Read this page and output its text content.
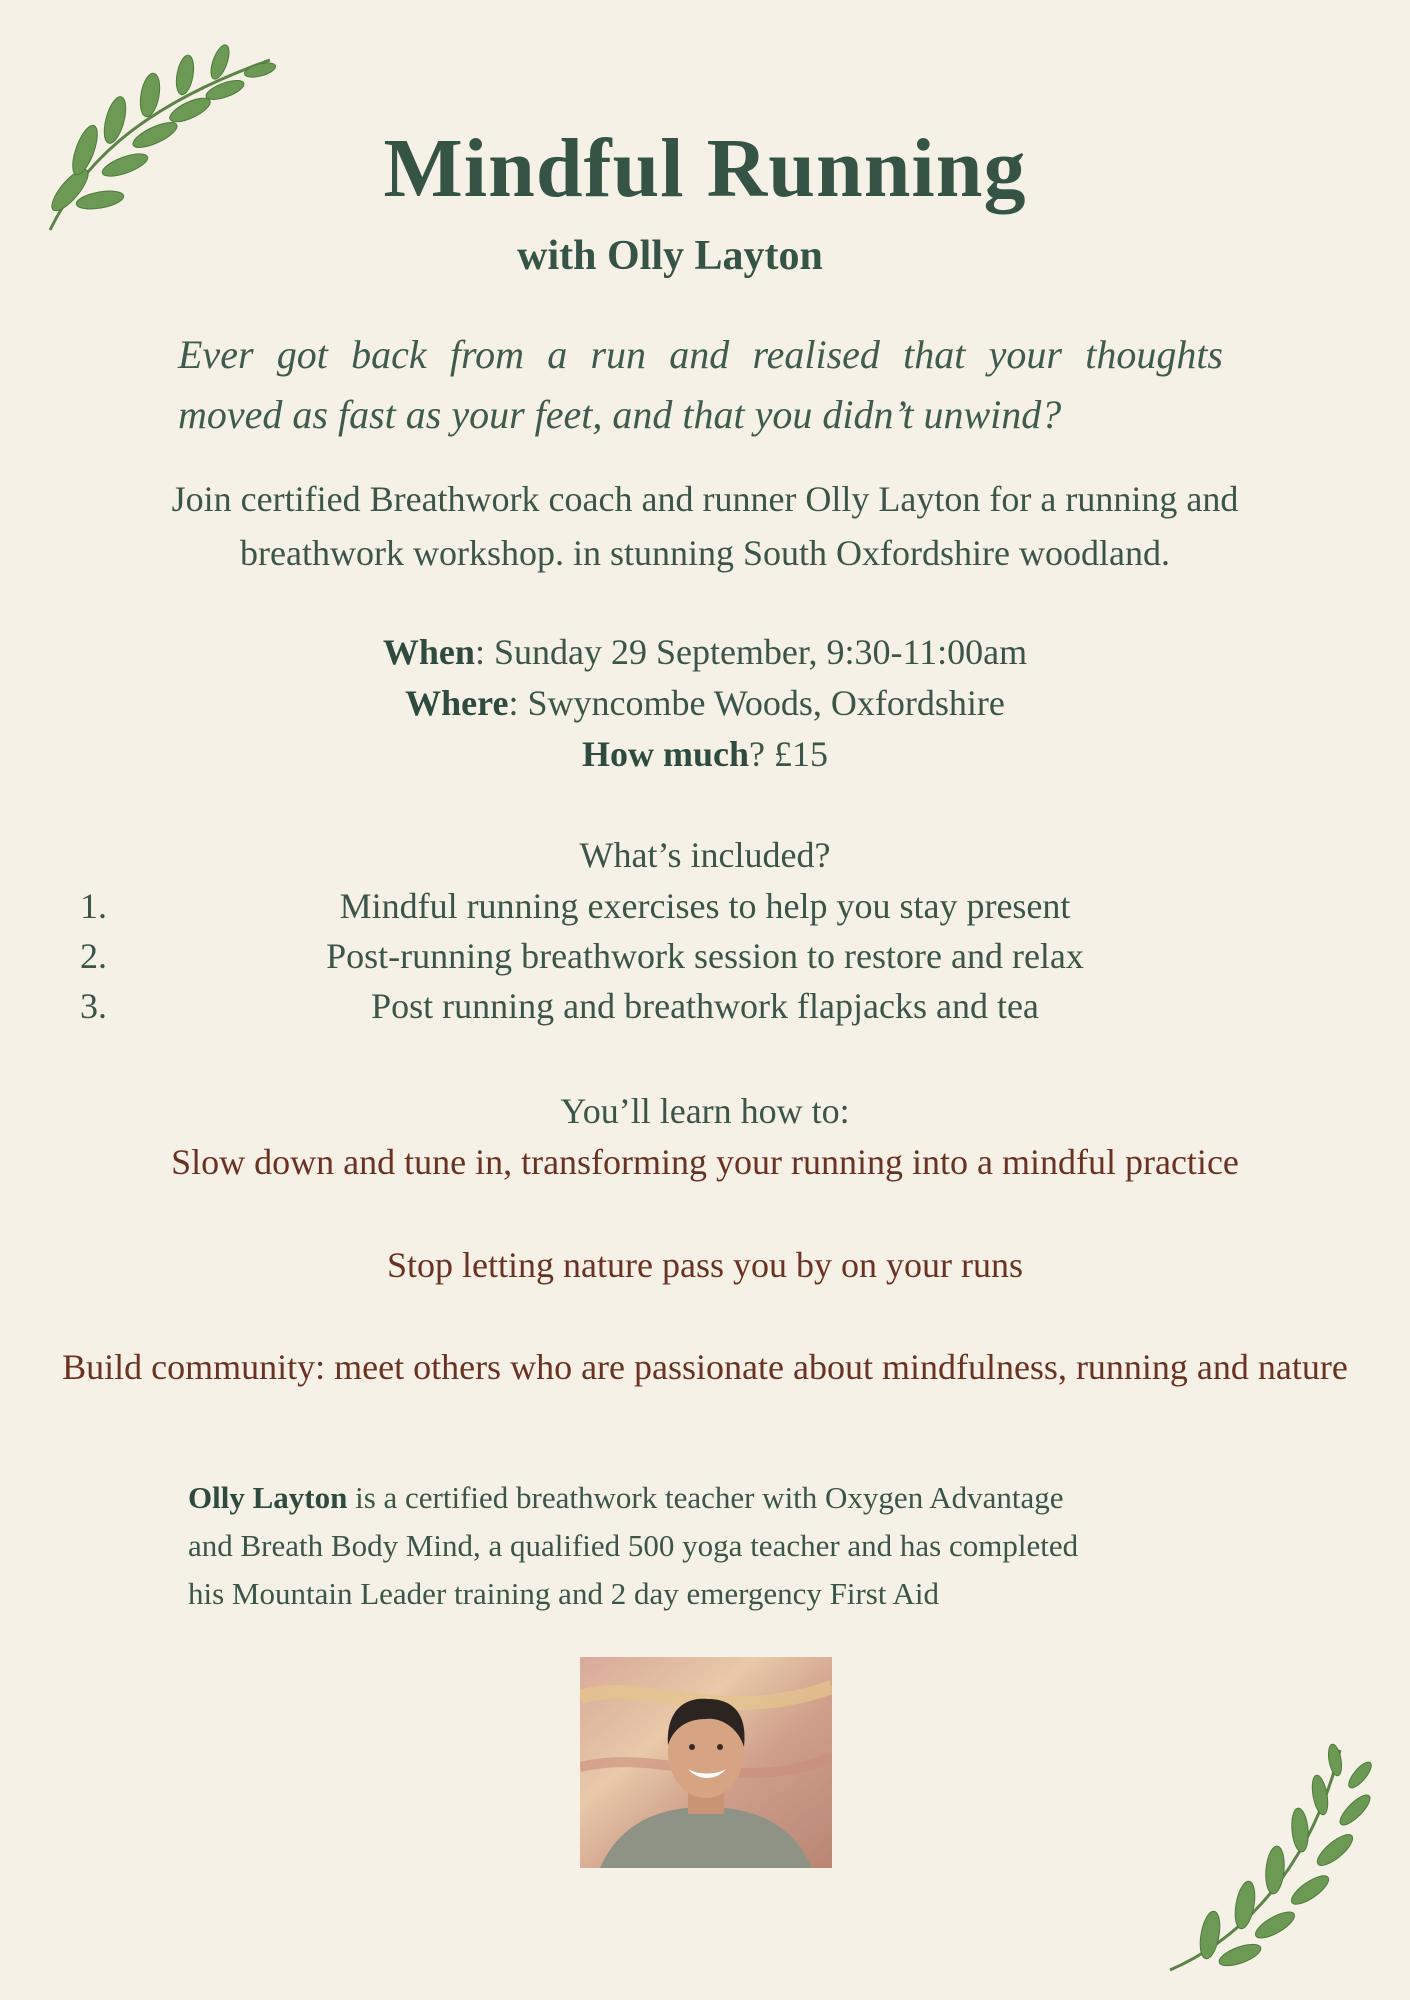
Mindful Running
with Olly Layton
Ever got back from a run and realised that your thoughts
moved as fast as your feet, and that you didn’t unwind?
Join certified Breathwork coach and runner Olly Layton for a running and
breathwork workshop. in stunning South Oxfordshire woodland.
When: Sunday 29 September, 9:30-11:00am
Where: Swyncombe Woods, Oxfordshire
How much? £15
What’s included?
1.	Mindful running exercises to help you stay present
2.	Post-running breathwork session to restore and relax
3.	Post running and breathwork flapjacks and tea
You’ll learn how to:
Slow down and tune in, transforming your running into a mindful practice
Stop letting nature pass you by on your runs
Build community: meet others who are passionate about mindfulness, running and nature
Olly Layton is a certified breathwork teacher with Oxygen Advantage
and Breath Body Mind, a qualified 500 yoga teacher and has completed
his Mountain Leader training and 2 day emergency First Aid
